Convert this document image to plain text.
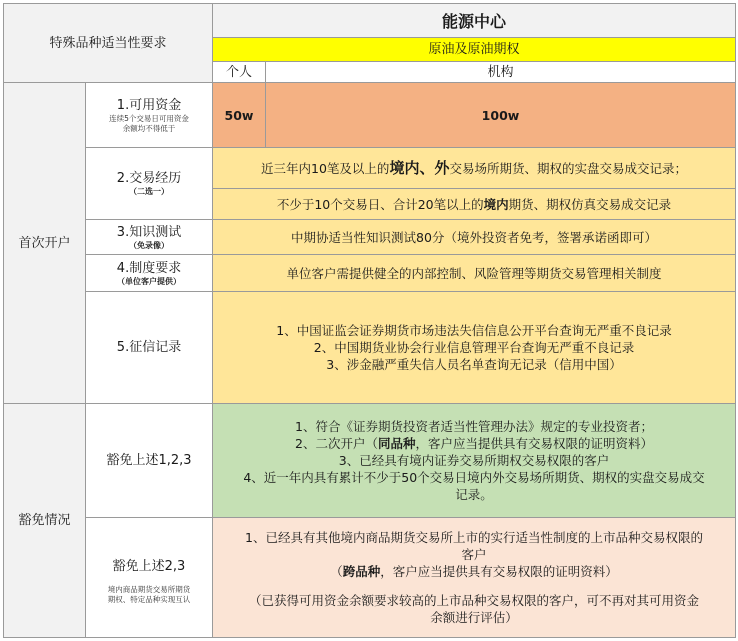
特殊品种适当性要求
能源中心
原油及原油期权
个人	机构
首次开户
豁免情况
1.可用资金
连续5个交易日可用资金
余额均不得低于
50w	100w
2.交易经历
（二选一）
近三年内10笔及以上的境内、外交易场所期货、期权的实盘交易成交记录；
不少于10个交易日、合计20笔以上的境内期货、期权仿真交易成交记录
3.知识测试
（免录像）
中期协适当性知识测试80分（境外投资者免考，签署承诺函即可）
4.制度要求
（单位客户提供）
单位客户需提供健全的内部控制、风险管理等期货交易管理相关制度
5.征信记录
1、中国证监会证券期货市场违法失信信息公开平台查询无严重不良记录
2、中国期货业协会行业信息管理平台查询无严重不良记录
3、涉金融严重失信人员名单查询无记录（信用中国）
豁免上述1,2,3
1、符合《证券期货投资者适当性管理办法》规定的专业投资者；
2、二次开户（同品种，客户应当提供具有交易权限的证明资料）
3、已经具有境内证券交易所期权交易权限的客户
4、近一年内具有累计不少于50个交易日境内外交易场所期货、期权的实盘交易成交
记录。
豁免上述2,3
境内商品期货交易所期货
期权、特定品种实现互认
1、已经具有其他境内商品期货交易所上市的实行适当性制度的上市品种交易权限的
客户
（跨品种，客户应当提供具有交易权限的证明资料）
（已获得可用资金余额要求较高的上市品种交易权限的客户，可不再对其可用资金
余额进行评估）
